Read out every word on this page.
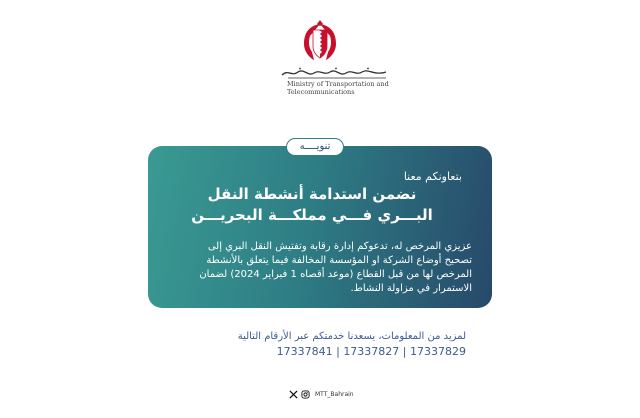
Ministry of Transportation and Telecommunications
بتعاونكم معنا
نضمن استدامة أنشطة النقل
البـــري فـــي مملكـــة البحريـــن
عزيزي المرخص له، تدعوكم إدارة رقابة وتفتيش النقل البري إلى
تصحيح أوضاع الشركة او المؤسسة المخالفة فيما يتعلق بالأنشطة
المرخص لها من قبل القطاع (موعد أقصاه 1 فبراير 2024) لضمان
الاستمرار في مزاولة النشاط.
تنويــــه
لمزيد من المعلومات، يسعدنا خدمتكم عبر الأرقام التالية
17337841 | 17337827 | 17337829
MTT_Bahrain
